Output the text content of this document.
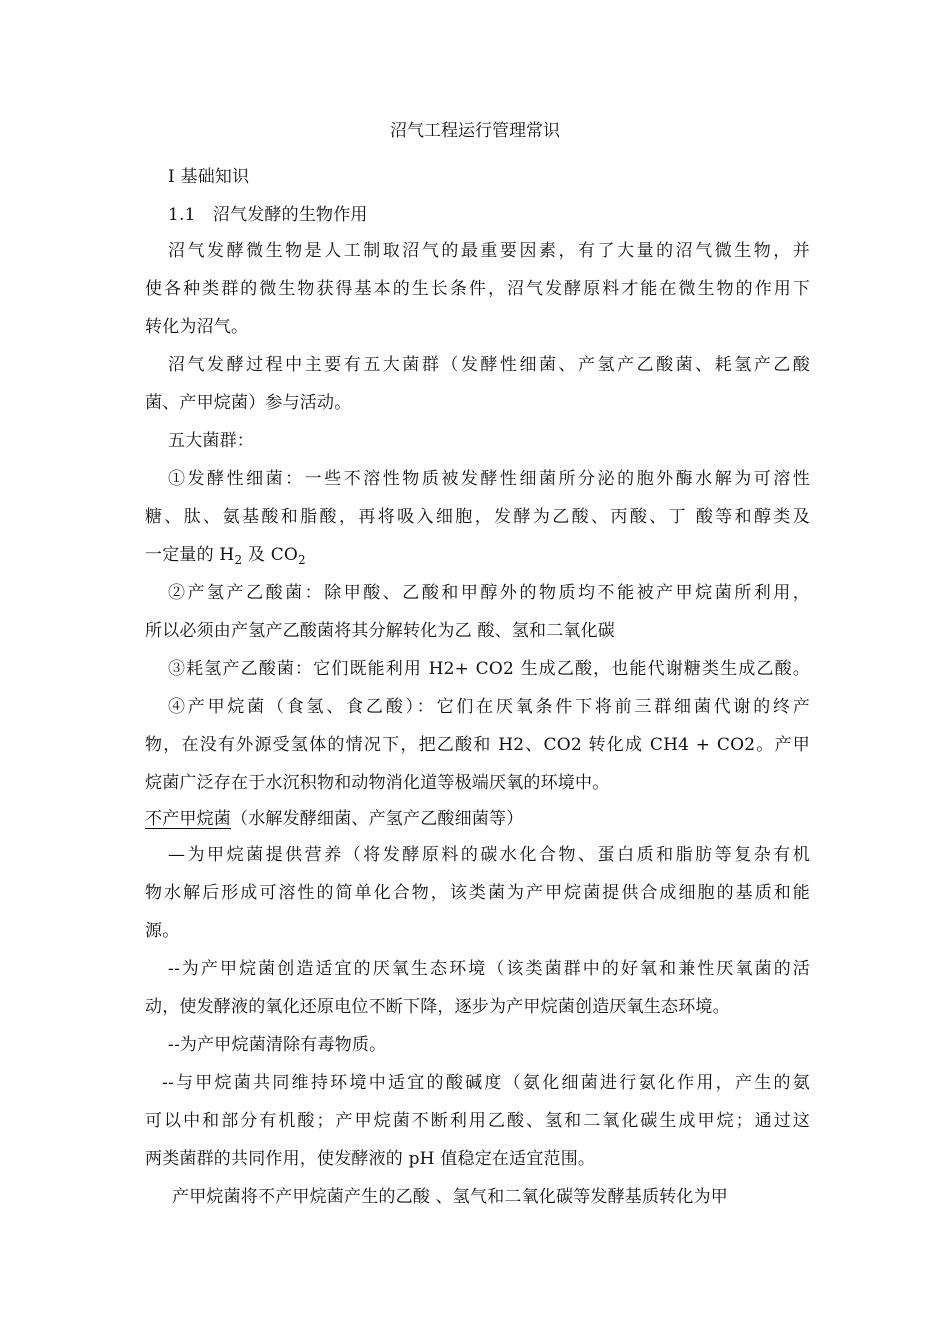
沼气工程运行管理常识
Ⅰ 基础知识
1.1　沼气发酵的生物作用
沼气发酵微生物是人工制取沼气的最重要因素，有了大量的沼气微生物，并
使各种类群的微生物获得基本的生长条件，沼气发酵原料才能在微生物的作用下
转化为沼气。
沼气发酵过程中主要有五大菌群（发酵性细菌、产氢产乙酸菌、耗氢产乙酸
菌、产甲烷菌）参与活动。
五大菌群：
①发酵性细菌：一些不溶性物质被发酵性细菌所分泌的胞外酶水解为可溶性
糖、肽、氨基酸和脂酸，再将吸入细胞，发酵为乙酸、丙酸、丁 酸等和醇类及
一定量的 $H_2$ 及 $CO_2$
②产氢产乙酸菌：除甲酸、乙酸和甲醇外的物质均不能被产甲烷菌所利用，
所以必须由产氢产乙酸菌将其分解转化为乙 酸、氢和二氧化碳
③耗氢产乙酸菌：它们既能利用 H2+ CO2 生成乙酸，也能代谢糖类生成乙酸。
④产甲烷菌（食氢、食乙酸）：它们在厌氧条件下将前三群细菌代谢的终产
物，在没有外源受氢体的情况下，把乙酸和 H2、CO2 转化成 CH4 + CO2。产甲
烷菌广泛存在于水沉积物和动物消化道等极端厌氧的环境中。
不产甲烷菌（水解发酵细菌、产氢产乙酸细菌等）
—为甲烷菌提供营养（将发酵原料的碳水化合物、蛋白质和脂肪等复杂有机
物水解后形成可溶性的简单化合物，该类菌为产甲烷菌提供合成细胞的基质和能
源。
--为产甲烷菌创造适宜的厌氧生态环境（该类菌群中的好氧和兼性厌氧菌的活
动，使发酵液的氧化还原电位不断下降，逐步为产甲烷菌创造厌氧生态环境。
--为产甲烷菌清除有毒物质。
--与甲烷菌共同维持环境中适宜的酸碱度（氨化细菌进行氨化作用，产生的氨
可以中和部分有机酸；产甲烷菌不断利用乙酸、氢和二氧化碳生成甲烷；通过这
两类菌群的共同作用，使发酵液的 pH 值稳定在适宜范围。
产甲烷菌将不产甲烷菌产生的乙酸 、氢气和二氧化碳等发酵基质转化为甲
